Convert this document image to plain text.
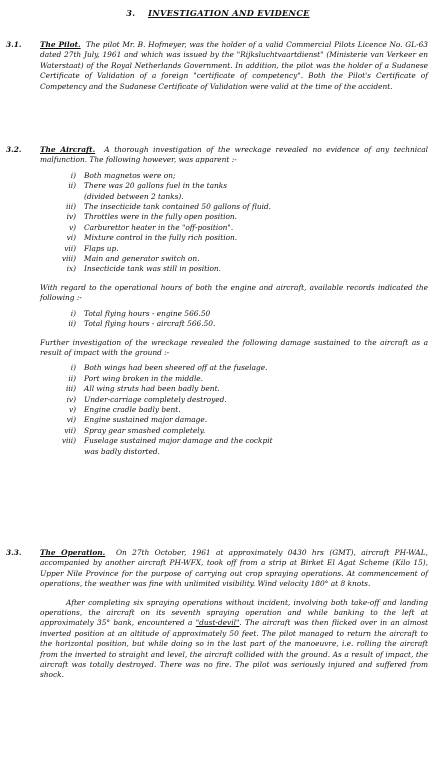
3. INVESTIGATION AND EVIDENCE
3.1.	The Pilot. The pilot Mr. B. Hofmeyer, was the holder of a valid Commercial Pilots Licence No. GL-63 dated 27th July, 1961 and which was issued by the "Rijksluchtvaartdienst" (Ministerie van Verkeer en Waterstaat) of the Royal Netherlands Government. In addition, the pilot was the holder of a Sudanese Certificate of Validation of a foreign "certificate of competency". Both the Pilot's Certificate of Competency and the Sudanese Certificate of Validation were valid at the time of the accident.

3.2.	The Aircraft. A thorough investigation of the wreckage revealed no evidence of any technical malfunction. The following however, was apparent :-

i) Both magnetos were on;
ii) There was 20 gallons fuel in the tanks
(divided between 2 tanks).
iii) The insecticide tank contained 50 gallons of fluid.
iv) Throttles were in the fully open position.
v) Carburettor heater in the "off-position".
vi) Mixture control in the fully rich position.
vii) Flaps up.
viii) Main and generator switch on.
ix) Insecticide tank was still in position.

With regard to the operational hours of both the engine and aircraft, available records indicated the following :-

i) Total flying hours - engine 566.50
ii) Total flying hours - aircraft 566.50.

Further investigation of the wreckage revealed the following damage sustained to the aircraft as a result of impact with the ground :-

i) Both wings had been sheered off at the fuselage.
ii) Port wing broken in the middle.
iii) All wing struts had been badly bent.
iv) Under-carriage completely destroyed.
v) Engine cradle badly bent.
vi) Engine sustained major damage.
vii) Spray gear smashed completely.
viii) Fuselage sustained major damage and the cockpit
was badly distorted.
3.3.	The Operation. On 27th October, 1961 at approximately 0430 hrs (GMT), aircraft PH-WAL, accompanied by another aircraft PH-WFX, took off from a strip at Birket El Agat Scheme (Kilo 15), Upper Nile Province for the purpose of carrying out crop spraying operations. At commencement of operations, the weather was fine with unlimited visibility. Wind velocity 180° at 8 knots.

After completing six spraying operations without incident, involving both take-off and landing operations, the aircraft on its seventh spraying operation and while banking to the left at approximately 35° bank, encountered a "dust-devil". The aircraft was then flicked over in an almost inverted position at an altitude of approximately 50 feet. The pilot managed to return the aircraft to the horizontal position, but while doing so in the last part of the manoeuvre, i.e. rolling the aircraft from the inverted to straight and level, the aircraft collided with the ground. As a result of impact, the aircraft was totally destroyed. There was no fire. The pilot was seriously injured and suffered from shock.
